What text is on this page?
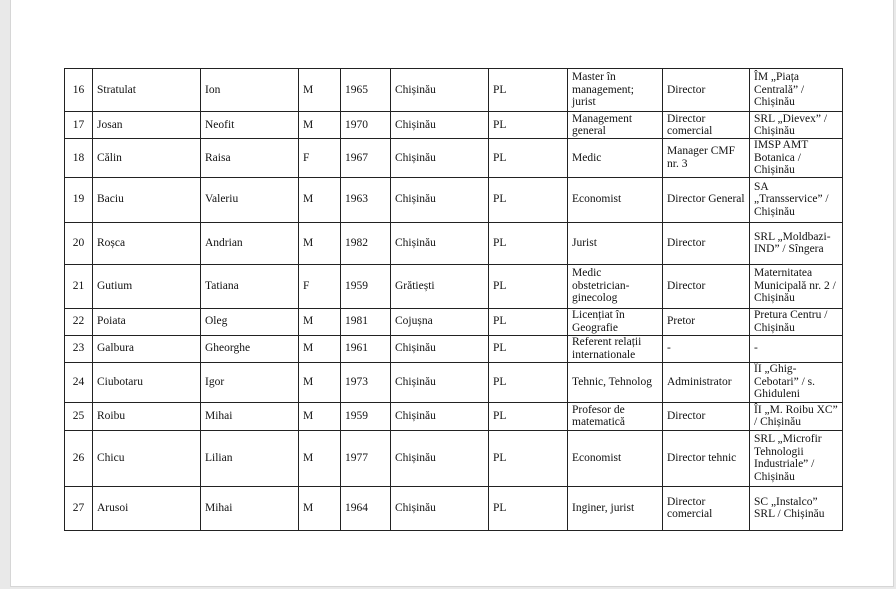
16	Stratulat	Ion	M	1965	Chișinău	PL	Master în management; jurist	Director	ÎM „Piața Centrală” / Chișinău
17	Josan	Neofit	M	1970	Chișinău	PL	Management general	Director comercial	SRL „Dievex” / Chișinău
18	Călin	Raisa	F	1967	Chișinău	PL	Medic	Manager CMF nr. 3	IMSP AMT Botanica / Chișinău
19	Baciu	Valeriu	M	1963	Chișinău	PL	Economist	Director General	SA „Transservice” / Chișinău
20	Roșca	Andrian	M	1982	Chișinău	PL	Jurist	Director	SRL „Moldbazi-IND” / Sîngera
21	Gutium	Tatiana	F	1959	Grătiești	PL	Medic obstetrician-ginecolog	Director	Maternitatea Municipală nr. 2 / Chișinău
22	Poiata	Oleg	M	1981	Cojușna	PL	Licențiat în Geografie	Pretor	Pretura Centru / Chișinău
23	Galbura	Gheorghe	M	1961	Chișinău	PL	Referent relații internationale	-	-
24	Ciubotaru	Igor	M	1973	Chișinău	PL	Tehnic, Tehnolog	Administrator	ÎI „Ghig-Cebotari” / s. Ghiduleni
25	Roibu	Mihai	M	1959	Chișinău	PL	Profesor de matematică	Director	ÎI „M. Roibu XC” / Chișinău
26	Chicu	Lilian	M	1977	Chișinău	PL	Economist	Director tehnic	SRL „Microfir Tehnologii Industriale” / Chișinău
27	Arusoi	Mihai	M	1964	Chișinău	PL	Inginer, jurist	Director comercial	SC „Instalco” SRL / Chișinău
